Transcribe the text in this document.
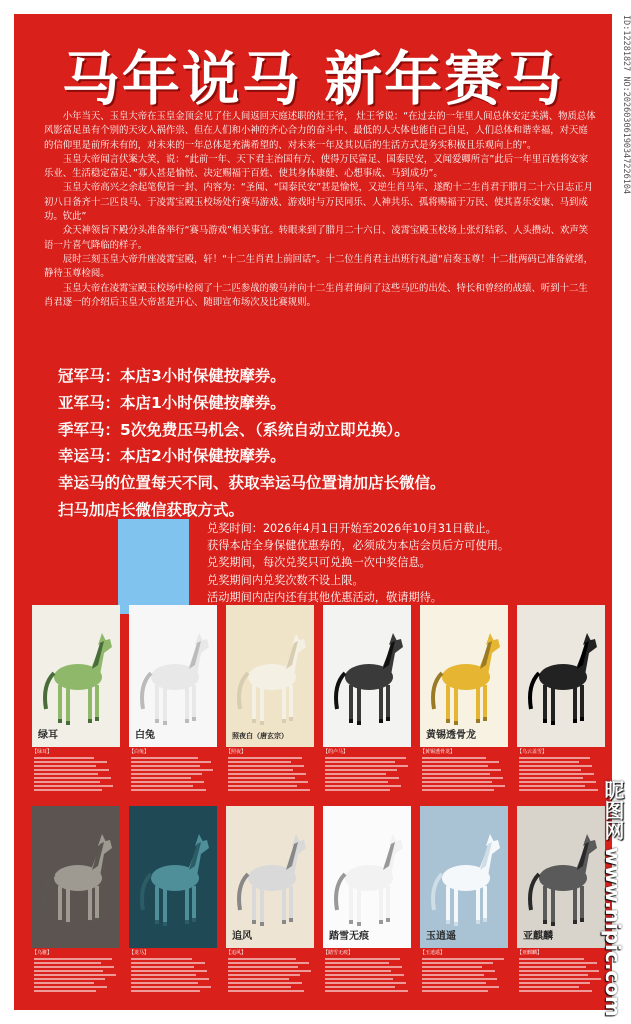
马年说马 新年赛马

小年当天、玉皇大帝在玉皇金顶会见了住人间返回天庭述职的灶王爷， 灶王爷说：“在过去的一年里人间总体安定美满、物质总体风影富足虽有个别的天灾人祸作祟、但在人们和小神的齐心合力的奋斗中、最低的人大体也能自己自足，人们总体和谐幸福，对天庭的信仰里是前所未有的，对未来的一年总体是充满希望的、对未来一年及其以后的生活方式是务实积极且乐观向上的”。

玉皇大帝闻言伏案大笑，说：“此前一年、天下君主治国有方、使得万民富足、国泰民安，又闻爱卿所言”此后一年里百姓将安家乐业、生活稳定富足、”寡人甚是愉悦、决定赐福于百姓、使其身体康健、心想事成、马到成功”。

玉皇大帝高兴之余起笔倪旨一封、内容为：“圣闻、“国泰民安”甚是愉悦，又逆生肖马年、遂酌十二生肖君于腊月二十六日志正月初八日备齐十二匹良马、于凌霄宝殿玉校场处行赛马游戏、游戏时与万民同乐、人神共乐、孤将赐福于万民、使其喜乐安康、马到成功。钦此”

众天神领旨下殿分头准备举行“赛马游戏”相关事宜。转眼来到了腊月二十六日、凌霄宝殿玉校场上张灯结彩、人头攒动、欢声笑语一片喜气降临的样子。

辰时三刻玉皇大帝升座凌霄宝殿，轩！“十二生肖君上前回话”。十二位生肖君主出班行礼道“启奏玉尊！十二批两码已准备就绪，静待玉尊检阅。

玉皇大帝在凌霄宝殿玉校场中检阅了十二匹参战的骏马并向十二生肖君询问了这些马匹的出处、特长和曾经的战绩、听到十二生肖君逐一的介绍后玉皇大帝甚是开心、随即宣布场次及比赛规则。

冠军马：本店3小时保健按摩券。
亚军马：本店1小时保健按摩券。
季军马：5次免费压马机会、（系统自动立即兑换）。
幸运马：本店2小时保健按摩券。
幸运马的位置每天不同、获取幸运马位置请加店长微信。
扫马加店长微信获取方式。
兑奖时间：2026年4月1日开始至2026年10月31日截止。
获得本店全身保健优惠券的，必须成为本店会员后方可使用。
兑奖期间，每次兑奖只可兑换一次中奖信息。
兑奖期间内兑奖次数不设上限。
活动期间内店内还有其他优惠活动，敬请期待。
绿耳
【绿耳】
白兔
【白兔】
照夜白（唐玄宗）
【照夜】	【的卢马】
黄锡透骨龙
【黄锡透骨龙】	【乌云盖雪】
【乌骓】	【龙马】
追风
【追风】
踏雪无痕
【踏雪无痕】
玉逍遥
【玉逍遥】
亚麒麟
【亚麒麟】
ID:12281827 NO:20260306190347226104
昵图网 www.nipic.com
